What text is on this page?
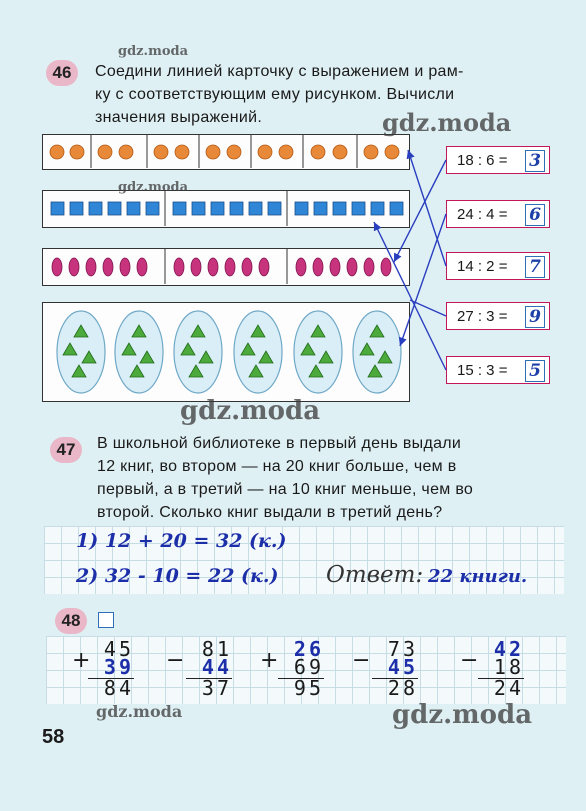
46	Соедини линией карточку с выражением и рам-
ку с соответствующим ему рисунком. Вычисли
значения выражений.
18 : 6 = 3
24 : 4 = 6
14 : 2 = 7
27 : 3 = 9
15 : 3 = 5
47	В школьной библиотеке в первый день выдали
12 книг, во втором — на 20 книг больше, чем в
первый, а в третий — на 10 книг меньше, чем во
второй. Сколько книг выдали в третий день?
1) 12 + 20 = 32 (к.)
2) 32 - 10 = 22 (к.) Ответ: 22 книги.
48
+ 45
39
84
− 81
44
37
+ 26
69
95
− 73
45
28
− 42
18
24
gdz.moda
gdz.moda
gdz.moda
gdz.moda
gdz.moda	gdz.moda
58
